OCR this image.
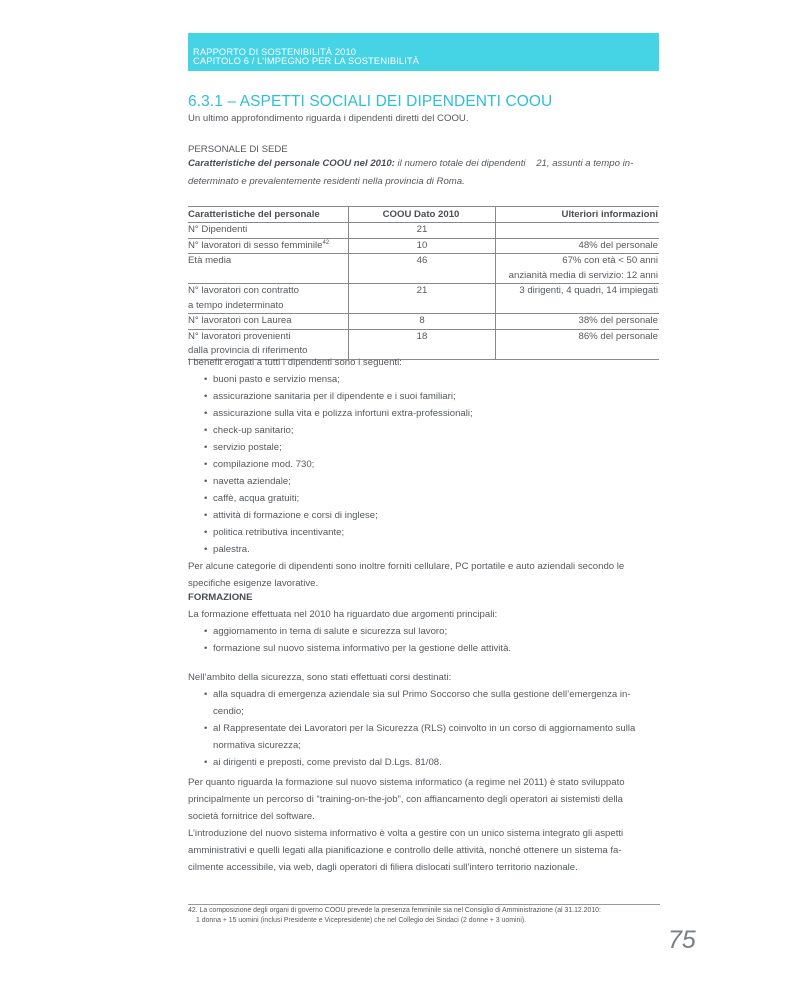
RAPPORTO DI SOSTENIBILITÀ 2010
CAPITOLO 6 / L’IMPEGNO PER LA SOSTENIBILITÀ
6.3.1 – ASPETTI SOCIALI DEI DIPENDENTI COOU
Un ultimo approfondimento riguarda i dipendenti diretti del COOU.
PERSONALE DI SEDE
Caratteristiche del personale COOU nel 2010: il numero totale dei dipendenti    21, assunti a tempo in-
determinato e prevalentemente residenti nella provincia di Roma.
Caratteristiche del personale	COOU Dato 2010	Ulteriori informazioni

N° Dipendenti	21	

N° lavoratori di sesso femminile$^{42}$	10	48% del personale

Età media	46	67% con età < 50 anni
anzianità media di servizio: 12 anni

N° lavoratori con contratto
a tempo indeterminato	21	3 dirigenti, 4 quadri, 14 impiegati

N° lavoratori con Laurea	8	38% del personale

N° lavoratori provenienti
dalla provincia di riferimento	18	86% del personale

I benefit erogati a tutti i dipendenti sono i seguenti:

• buoni pasto e servizio mensa;
• assicurazione sanitaria per il dipendente e i suoi familiari;
• assicurazione sulla vita e polizza infortuni extra-professionali;
• check-up sanitario;
• servizio postale;
• compilazione mod. 730;
• navetta aziendale;
• caffè, acqua gratuiti;
• attività di formazione e corsi di inglese;
• politica retributiva incentivante;
• palestra.

Per alcune categorie di dipendenti sono inoltre forniti cellulare, PC portatile e auto aziendali secondo le

specifiche esigenze lavorative.

FORMAZIONE

La formazione effettuata nel 2010 ha riguardato due argomenti principali:

• aggiornamento in tema di salute e sicurezza sul lavoro;
• formazione sul nuovo sistema informativo per la gestione delle attività.

Nell’ambito della sicurezza, sono stati effettuati corsi destinati:

• alla squadra di emergenza aziendale sia sul Primo Soccorso che sulla gestione dell’emergenza in-
cendio;
• al Rappresentate dei Lavoratori per la Sicurezza (RLS) coinvolto in un corso di aggiornamento sulla
normativa sicurezza;
• ai dirigenti e preposti, come previsto dal D.Lgs. 81/08.

Per quanto riguarda la formazione sul nuovo sistema informatico (a regime nel 2011) è stato sviluppato

principalmente un percorso di “training-on-the-job”, con affiancamento degli operatori ai sistemisti della

società fornitrice del software.

L’introduzione del nuovo sistema informativo è volta a gestire con un unico sistema integrato gli aspetti

amministrativi e quelli legati alla pianificazione e controllo delle attività, nonché ottenere un sistema fa-

cilmente accessibile, via web, dagli operatori di filiera dislocati sull’intero territorio nazionale.

42. La composizione degli organi di governo COOU prevede la presenza femminile sia nel Consiglio di Amministrazione (al 31.12.2010:
1 donna + 15 uomini (inclusi Presidente e Vicepresidente) che nel Collegio dei Sindaci (2 donne + 3 uomini).
75
